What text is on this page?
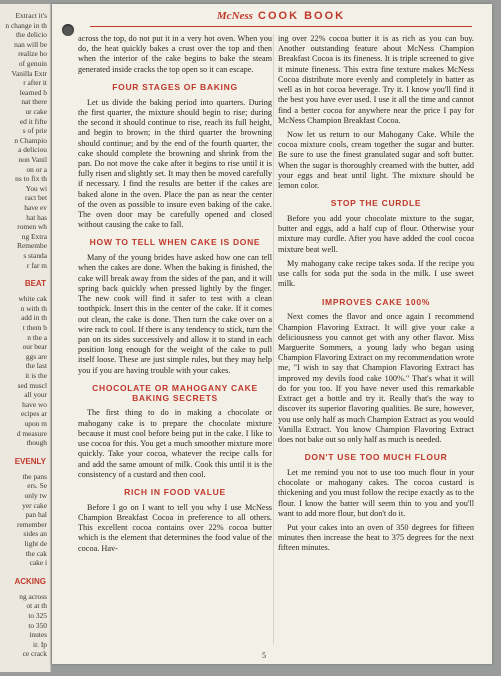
Extract it's
n change in th
the delicio
nan will be
realize ho
of genuin
Vanilla Extr
r after it
learned b
nat there
ur cake
ed it fifte
s of prie
n Champio
a deliciou
non Vanil
on or a
ns to fix th
You wi
ract bet
have ev
hat has
romen wh
ng Extra
Remembe
s standa
r far m
BEAT
white cak
n with th
add in th
t them b
n the a
our bear
ggs are
the last
it is the
sed muscl
all your
have wo
ecipes ar
upon m
d measure
though
EVENLY
the pans
ers. Se
only tw
yer cake
pan hal
remember
sides an
light de
the cak
cake i
ACKING
ng across
ot at th
to 325
to 350
inutes
ir. Ip
ce crack
McNess COOK BOOK

across the top, do not put it in a very hot oven. When you do, the heat quickly bakes a crust over the top and then when the interior of the cake begins to bake the steam generated inside cracks the top open so it can escape.

FOUR STAGES OF BAKING

Let us divide the baking period into quarters. During the first quarter, the mixture should begin to rise; during the second it should continue to rise, reach its full height, and begin to brown; in the third quarter the browning should continue; and by the end of the fourth quarter, the cake should complete the browning and shrink from the pan. Do not move the cake after it begins to rise until it is fully risen and slightly set. It may then be moved carefully if necessary. I find the results are better if the cakes are baked alone in the oven. Place the pan as near the center of the oven as possible to insure even baking of the cake. The oven door may be carefully opened and closed without causing the cake to fall.

HOW TO TELL WHEN CAKE IS DONE

Many of the young brides have asked how one can tell when the cakes are done. When the baking is finished, the cake will break away from the sides of the pan, and it will spring back quickly when pressed lightly by the finger. The new cook will find it safer to test with a clean toothpick. Insert this in the center of the cake. If it comes out clean, the cake is done. Then turn the cake over on a wire rack to cool. If there is any tendency to stick, turn the pan on its sides successively and allow it to stand in each position long enough for the weight of the cake to pull itself loose. These are just simple rules, but they may help you if you are having trouble with your cakes.

CHOCOLATE OR MAHOGANY CAKE BAKING SECRETS

The first thing to do in making a chocolate or mahogany cake is to prepare the chocolate mixture because it must cool before being put in the cake. I like to use cocoa for this. You get a much smoother mixture more quickly. Take your cocoa, whatever the recipe calls for and add the same amount of milk. Cook this until it is the consistency of a custard and then cool.

RICH IN FOOD VALUE

Before I go on I want to tell you why I use McNess Champion Breakfast Cocoa in preference to all others. This excellent cocoa contains over 22% cocoa butter which is the element that determines the food value of the cocoa. Hav-

ing over 22% cocoa butter it is as rich as you can buy. Another outstanding feature about McNess Champion Breakfast Cocoa is its fineness. It is triple screened to give it minute fineness. This extra fine texture makes McNess Cocoa distribute more evenly and completely in batter as well as in hot cocoa beverage. Try it. I know you'll find it the best you have ever used. I use it all the time and cannot find a better cocoa for anywhere near the price I pay for McNess Champion Breakfast Cocoa.

Now let us return to our Mahogany Cake. While the cocoa mixture cools, cream together the sugar and butter. Be sure to use the finest granulated sugar and soft butter. When the sugar is thoroughly creamed with the butter, add your eggs and beat until light. The mixture should be lemon color.

STOP THE CURDLE

Before you add your chocolate mixture to the sugar, butter and eggs, add a half cup of flour. Otherwise your mixture may curdle. After you have added the cool cocoa mixture beat well.

My mahogany cake recipe takes soda. If the recipe you use calls for soda put the soda in the milk. I use sweet milk.

IMPROVES CAKE 100%

Next comes the flavor and once again I recommend Champion Flavoring Extract. It will give your cake a deliciousness you cannot get with any other flavor. Miss Marguerite Sommers, a young lady who began using Champion Flavoring Extract on my recommendation wrote me, "I wish to say that Champion Flavoring Extract has improved my devils food cake 100%." That's what it will do for you too. If you have never used this remarkable Extract get a bottle and try it. Really that's the way to discover its superior flavoring qualities. Be sure, however, you use only half as much Champion Extract as you would Vanilla Extract. You know Champion Flavoring Extract does not bake out so only half as much is needed.

DON'T USE TOO MUCH FLOUR

Let me remind you not to use too much flour in your chocolate or mahogany cakes. The cocoa custard is thickening and you must follow the recipe exactly as to the flour. I know the batter will seem thin to you and you'll want to add more flour, but don't do it.

Put your cakes into an oven of 350 degrees for fifteen minutes then increase the heat to 375 degrees for the next fifteen minutes.

5
